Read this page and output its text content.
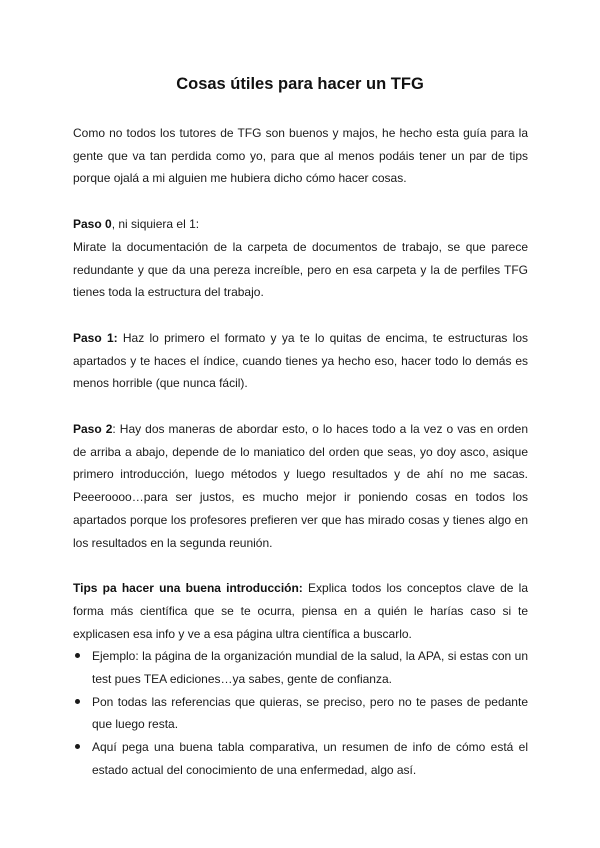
Cosas útiles para hacer un TFG

Como no todos los tutores de TFG son buenos y majos, he hecho esta guía para la gente que va tan perdida como yo, para que al menos podáis tener un par de tips porque ojalá a mi alguien me hubiera dicho cómo hacer cosas.

Paso 0, ni siquiera el 1:

Mirate la documentación de la carpeta de documentos de trabajo, se que parece redundante y que da una pereza increíble, pero en esa carpeta y la de perfiles TFG tienes toda la estructura del trabajo.

Paso 1: Haz lo primero el formato y ya te lo quitas de encima, te estructuras los apartados y te haces el índice, cuando tienes ya hecho eso, hacer todo lo demás es menos horrible (que nunca fácil).

Paso 2: Hay dos maneras de abordar esto, o lo haces todo a la vez o vas en orden de arriba a abajo, depende de lo maniatico del orden que seas, yo doy asco, asique primero introducción, luego métodos y luego resultados y de ahí no me sacas. Peeeroooo…para ser justos, es mucho mejor ir poniendo cosas en todos los apartados porque los profesores prefieren ver que has mirado cosas y tienes algo en los resultados en la segunda reunión.

Tips pa hacer una buena introducción: Explica todos los conceptos clave de la forma más científica que se te ocurra, piensa en a quién le harías caso si te explicasen esa info y ve a esa página ultra científica a buscarlo.

Ejemplo: la página de la organización mundial de la salud, la APA, si estas con un test pues TEA ediciones…ya sabes, gente de confianza.
Pon todas las referencias que quieras, se preciso, pero no te pases de pedante que luego resta.
Aquí pega una buena tabla comparativa, un resumen de info de cómo está el estado actual del conocimiento de una enfermedad, algo así.
